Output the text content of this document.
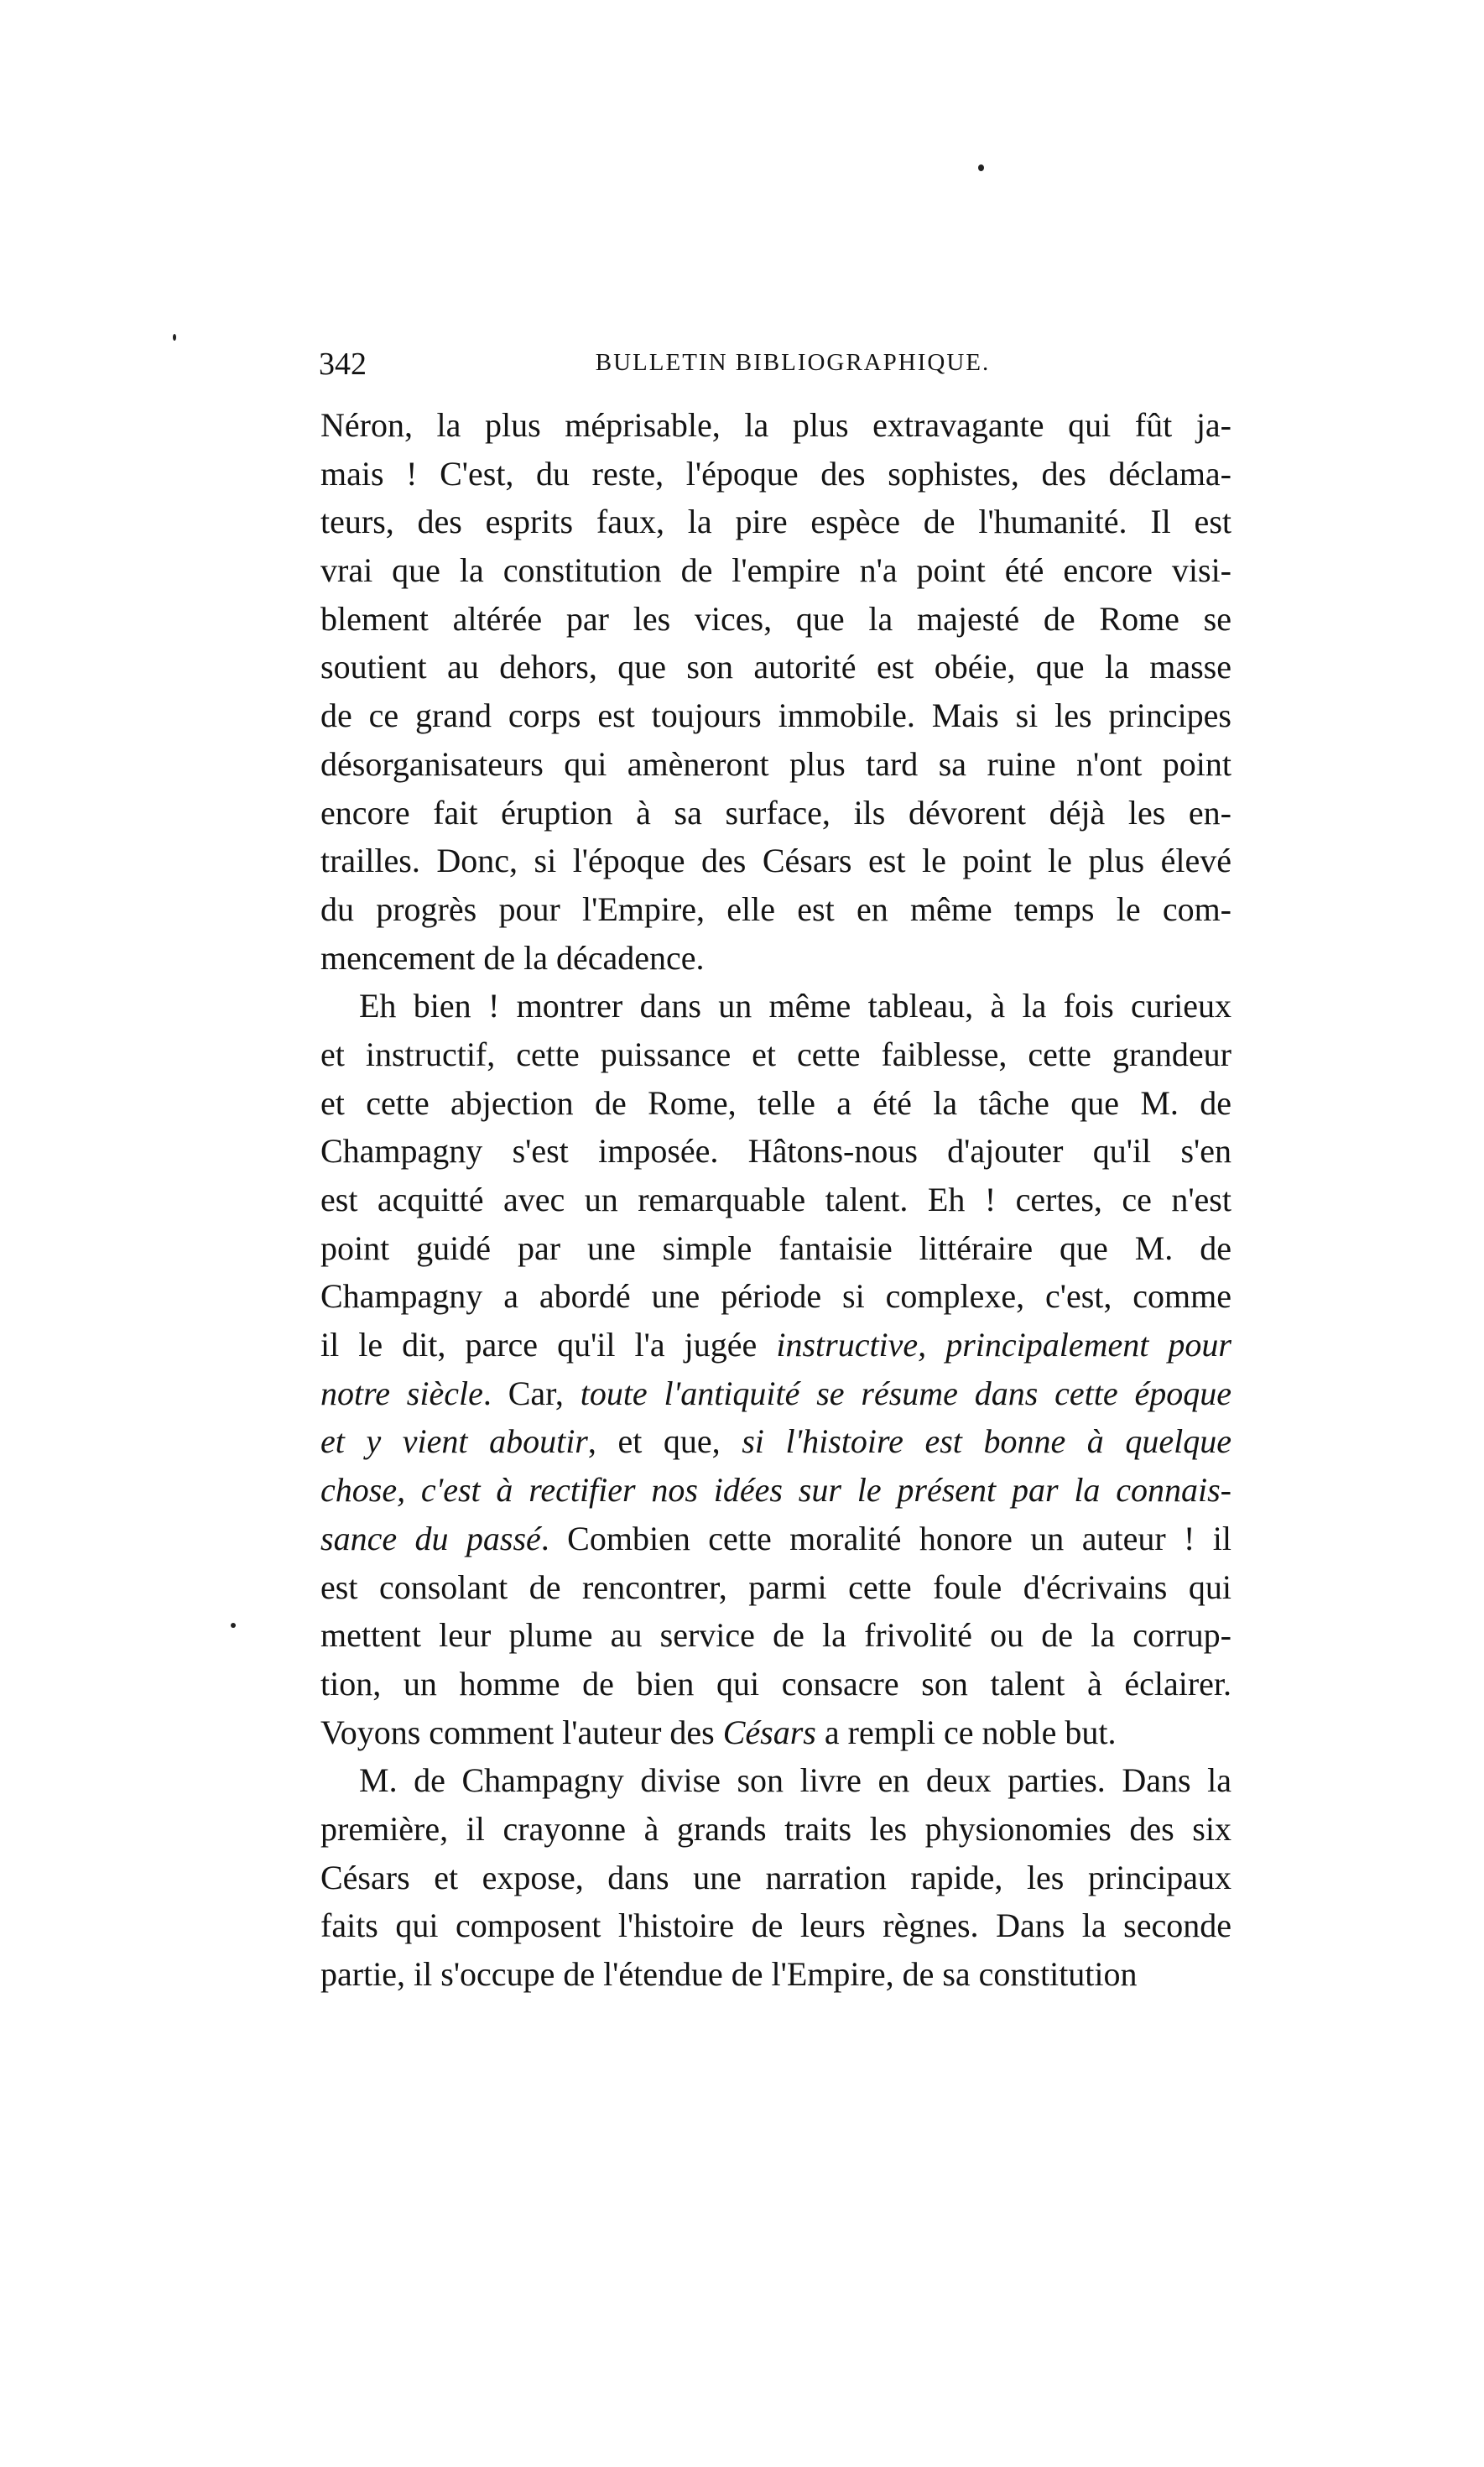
342	BULLETIN BIBLIOGRAPHIQUE.
Néron, la plus méprisable, la plus extravagante qui fût ja-
mais ! C'est, du reste, l'époque des sophistes, des déclama-
teurs, des esprits faux, la pire espèce de l'humanité. Il est
vrai que la constitution de l'empire n'a point été encore visi-
blement altérée par les vices, que la majesté de Rome se
soutient au dehors, que son autorité est obéie, que la masse
de ce grand corps est toujours immobile. Mais si les principes
désorganisateurs qui amèneront plus tard sa ruine n'ont point
encore fait éruption à sa surface, ils dévorent déjà les en-
trailles. Donc, si l'époque des Césars est le point le plus élevé
du progrès pour l'Empire, elle est en même temps le com-
mencement de la décadence.
Eh bien ! montrer dans un même tableau, à la fois curieux
et instructif, cette puissance et cette faiblesse, cette grandeur
et cette abjection de Rome, telle a été la tâche que M. de
Champagny s'est imposée. Hâtons-nous d'ajouter qu'il s'en
est acquitté avec un remarquable talent. Eh ! certes, ce n'est
point guidé par une simple fantaisie littéraire que M. de
Champagny a abordé une période si complexe, c'est, comme
il le dit, parce qu'il l'a jugée instructive, principalement pour
notre siècle. Car, toute l'antiquité se résume dans cette époque
et y vient aboutir, et que, si l'histoire est bonne à quelque
chose, c'est à rectifier nos idées sur le présent par la connais-
sance du passé. Combien cette moralité honore un auteur ! il
est consolant de rencontrer, parmi cette foule d'écrivains qui
mettent leur plume au service de la frivolité ou de la corrup-
tion, un homme de bien qui consacre son talent à éclairer.
Voyons comment l'auteur des Césars a rempli ce noble but.
M. de Champagny divise son livre en deux parties. Dans la
première, il crayonne à grands traits les physionomies des six
Césars et expose, dans une narration rapide, les principaux
faits qui composent l'histoire de leurs règnes. Dans la seconde
partie, il s'occupe de l'étendue de l'Empire, de sa constitution
